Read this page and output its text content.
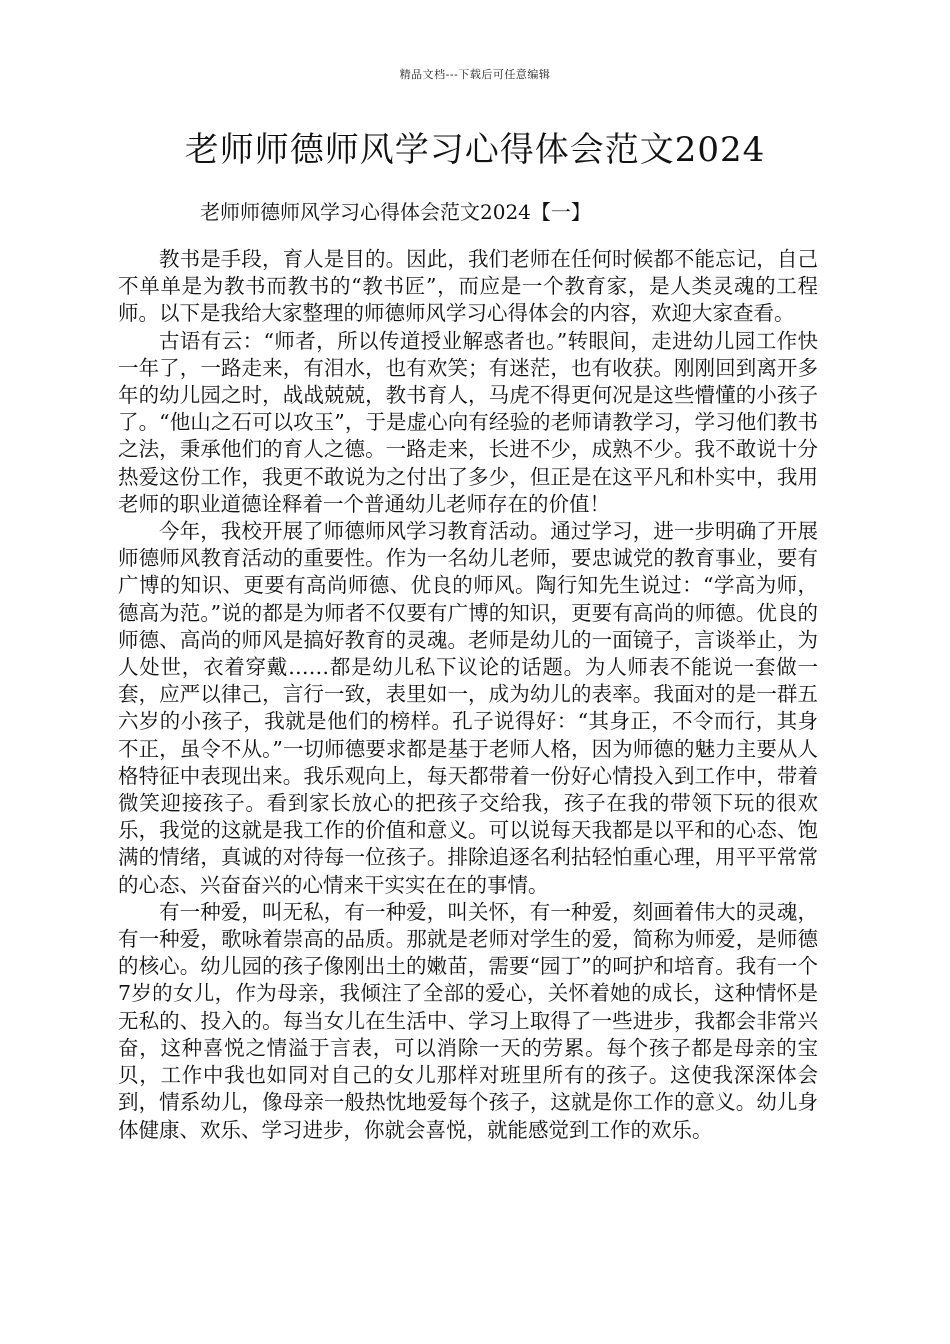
精品文档---下载后可任意编辑
老师师德师风学习心得体会范文2024
老师师德师风学习心得体会范文2024【一】

教书是手段，育人是目的。因此，我们老师在任何时候都不能忘记，自己不单单是为教书而教书的“教书匠”，而应是一个教育家，是人类灵魂的工程师。以下是我给大家整理的师德师风学习心得体会的内容，欢迎大家查看。

古语有云：“师者，所以传道授业解惑者也。”转眼间，走进幼儿园工作快一年了，一路走来，有泪水，也有欢笑；有迷茫，也有收获。刚刚回到离开多年的幼儿园之时，战战兢兢，教书育人，马虎不得更何况是这些懵懂的小孩子了。“他山之石可以攻玉”，于是虚心向有经验的老师请教学习，学习他们教书之法，秉承他们的育人之德。一路走来，长进不少，成熟不少。我不敢说十分热爱这份工作，我更不敢说为之付出了多少，但正是在这平凡和朴实中，我用老师的职业道德诠释着一个普通幼儿老师存在的价值！

今年，我校开展了师德师风学习教育活动。通过学习，进一步明确了开展师德师风教育活动的重要性。作为一名幼儿老师，要忠诚党的教育事业，要有广博的知识、更要有高尚师德、优良的师风。陶行知先生说过：“学高为师，德高为范。”说的都是为师者不仅要有广博的知识，更要有高尚的师德。优良的师德、高尚的师风是搞好教育的灵魂。老师是幼儿的一面镜子，言谈举止，为人处世，衣着穿戴……都是幼儿私下议论的话题。为人师表不能说一套做一套，应严以律己，言行一致，表里如一，成为幼儿的表率。我面对的是一群五六岁的小孩子，我就是他们的榜样。孔子说得好：“其身正，不令而行，其身不正，虽令不从。”一切师德要求都是基于老师人格，因为师德的魅力主要从人格特征中表现出来。我乐观向上，每天都带着一份好心情投入到工作中，带着微笑迎接孩子。看到家长放心的把孩子交给我，孩子在我的带领下玩的很欢乐，我觉的这就是我工作的价值和意义。可以说每天我都是以平和的心态、饱满的情绪，真诚的对待每一位孩子。排除追逐名利拈轻怕重心理，用平平常常的心态、兴奋奋兴的心情来干实实在在的事情。

有一种爱，叫无私，有一种爱，叫关怀，有一种爱，刻画着伟大的灵魂，有一种爱，歌咏着崇高的品质。那就是老师对学生的爱，简称为师爱，是师德的核心。幼儿园的孩子像刚出土的嫩苗，需要“园丁”的呵护和培育。我有一个7岁的女儿，作为母亲，我倾注了全部的爱心，关怀着她的成长，这种情怀是无私的、投入的。每当女儿在生活中、学习上取得了一些进步，我都会非常兴奋，这种喜悦之情溢于言表，可以消除一天的劳累。每个孩子都是母亲的宝贝，工作中我也如同对自己的女儿那样对班里所有的孩子。这使我深深体会到，情系幼儿，像母亲一般热忱地爱每个孩子，这就是你工作的意义。幼儿身体健康、欢乐、学习进步，你就会喜悦，就能感觉到工作的欢乐。
